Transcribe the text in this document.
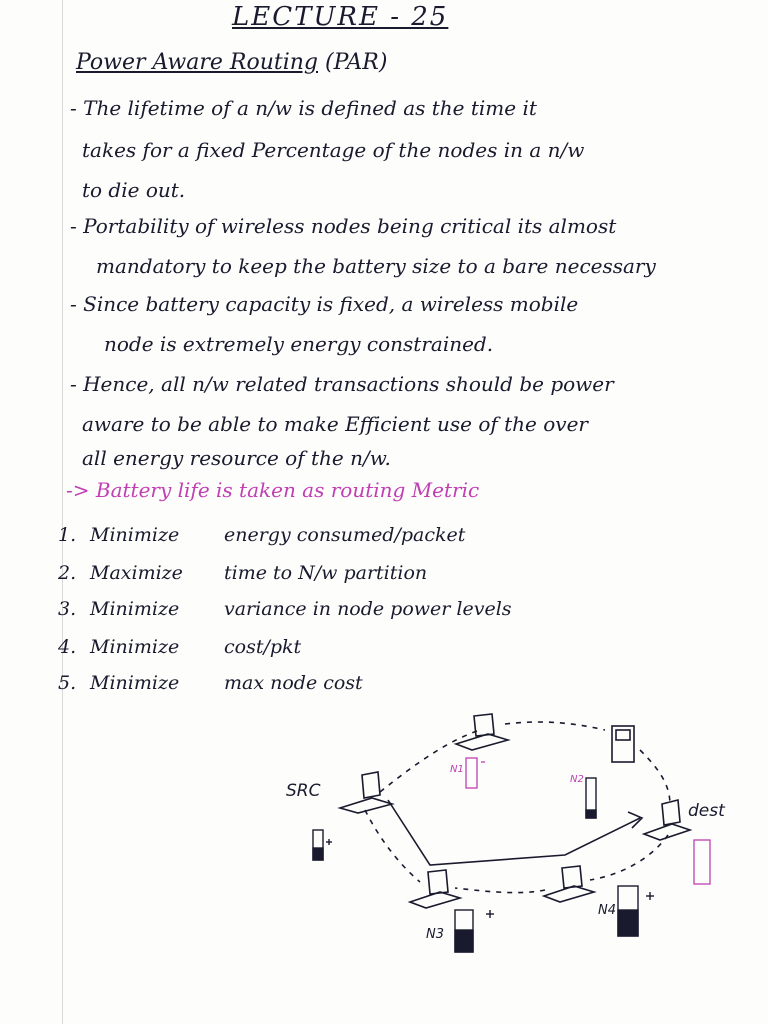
LECTURE - 25
Power Aware Routing (PAR)
- The lifetime of a n/w is defined as the time it
takes for a fixed Percentage of the nodes in a n/w
to die out.
- Portability of wireless nodes being critical its almost
mandatory to keep the battery size to a bare necessary
- Since battery capacity is fixed, a wireless mobile
node is extremely energy constrained.
- Hence, all n/w related transactions should be power
aware to be able to make Efficient use of the over
all energy resource of the n/w.
-> Battery life is taken as routing Metric
1. Minimize energy consumed/packet
2. Maximize time to N/w partition
3. Minimize variance in node power levels
4. Minimize cost/pkt
5. Minimize max node cost
SRC
N1
N2
dest
N3
N4
